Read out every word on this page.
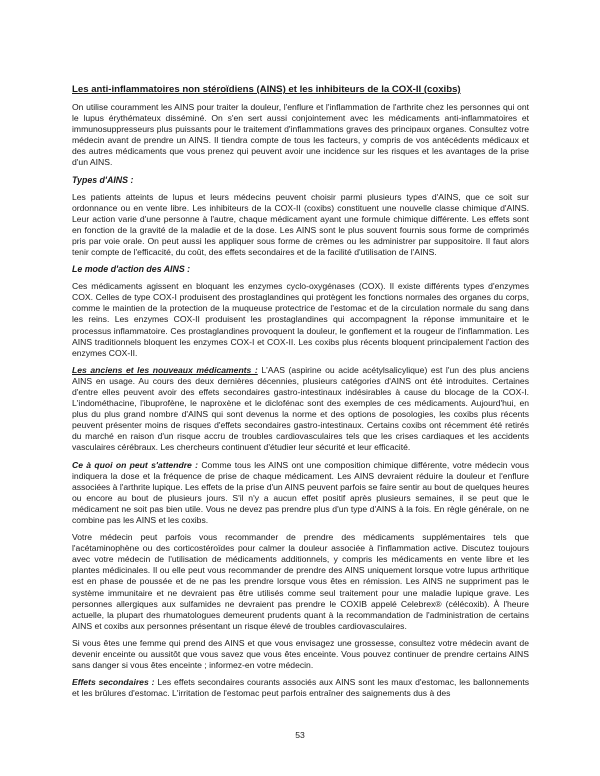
Les anti-inflammatoires non stéroïdiens (AINS) et les inhibiteurs de la COX-II (coxibs)

On utilise couramment les AINS pour traiter la douleur, l'enflure et l'inflammation de l'arthrite chez les personnes qui ont le lupus érythémateux disséminé. On s'en sert aussi conjointement avec les médicaments anti-inflammatoires et immunosuppresseurs plus puissants pour le traitement d'inflammations graves des principaux organes. Consultez votre médecin avant de prendre un AINS. Il tiendra compte de tous les facteurs, y compris de vos antécédents médicaux et des autres médicaments que vous prenez qui peuvent avoir une incidence sur les risques et les avantages de la prise d'un AINS.

Types d'AINS :

Les patients atteints de lupus et leurs médecins peuvent choisir parmi plusieurs types d'AINS, que ce soit sur ordonnance ou en vente libre. Les inhibiteurs de la COX-II (coxibs) constituent une nouvelle classe chimique d'AINS. Leur action varie d'une personne à l'autre, chaque médicament ayant une formule chimique différente. Les effets sont en fonction de la gravité de la maladie et de la dose. Les AINS sont le plus souvent fournis sous forme de comprimés pris par voie orale. On peut aussi les appliquer sous forme de crèmes ou les administrer par suppositoire. Il faut alors tenir compte de l'efficacité, du coût, des effets secondaires et de la facilité d'utilisation de l'AINS.

Le mode d'action des AINS :

Ces médicaments agissent en bloquant les enzymes cyclo-oxygénases (COX). Il existe différents types d'enzymes COX. Celles de type COX-I produisent des prostaglandines qui protègent les fonctions normales des organes du corps, comme le maintien de la protection de la muqueuse protectrice de l'estomac et de la circulation normale du sang dans les reins. Les enzymes COX-II produisent les prostaglandines qui accompagnent la réponse immunitaire et le processus inflammatoire. Ces prostaglandines provoquent la douleur, le gonflement et la rougeur de l'inflammation. Les AINS traditionnels bloquent les enzymes COX-I et COX-II. Les coxibs plus récents bloquent principalement l'action des enzymes COX-II.

Les anciens et les nouveaux médicaments : L'AAS (aspirine ou acide acétylsalicylique) est l'un des plus anciens AINS en usage. Au cours des deux dernières décennies, plusieurs catégories d'AINS ont été introduites. Certaines d'entre elles peuvent avoir des effets secondaires gastro-intestinaux indésirables à cause du blocage de la COX-I. L'indométhacine, l'ibuprofène, le naproxène et le diclofénac sont des exemples de ces médicaments. Aujourd'hui, en plus du plus grand nombre d'AINS qui sont devenus la norme et des options de posologies, les coxibs plus récents peuvent présenter moins de risques d'effets secondaires gastro-intestinaux. Certains coxibs ont récemment été retirés du marché en raison d'un risque accru de troubles cardiovasculaires tels que les crises cardiaques et les accidents vasculaires cérébraux. Les chercheurs continuent d'étudier leur sécurité et leur efficacité.

Ce à quoi on peut s'attendre : Comme tous les AINS ont une composition chimique différente, votre médecin vous indiquera la dose et la fréquence de prise de chaque médicament. Les AINS devraient réduire la douleur et l'enflure associées à l'arthrite lupique. Les effets de la prise d'un AINS peuvent parfois se faire sentir au bout de quelques heures ou encore au bout de plusieurs jours. S'il n'y a aucun effet positif après plusieurs semaines, il se peut que le médicament ne soit pas bien utile. Vous ne devez pas prendre plus d'un type d'AINS à la fois. En règle générale, on ne combine pas les AINS et les coxibs.

Votre médecin peut parfois vous recommander de prendre des médicaments supplémentaires tels que l'acétaminophène ou des corticostéroïdes pour calmer la douleur associée à l'inflammation active. Discutez toujours avec votre médecin de l'utilisation de médicaments additionnels, y compris les médicaments en vente libre et les plantes médicinales. Il ou elle peut vous recommander de prendre des AINS uniquement lorsque votre lupus arthritique est en phase de poussée et de ne pas les prendre lorsque vous êtes en rémission. Les AINS ne suppriment pas le système immunitaire et ne devraient pas être utilisés comme seul traitement pour une maladie lupique grave. Les personnes allergiques aux sulfamides ne devraient pas prendre le COXIB appelé Celebrex® (célécoxib). À l'heure actuelle, la plupart des rhumatologues demeurent prudents quant à la recommandation de l'administration de certains AINS et coxibs aux personnes présentant un risque élevé de troubles cardiovasculaires.

Si vous êtes une femme qui prend des AINS et que vous envisagez une grossesse, consultez votre médecin avant de devenir enceinte ou aussitôt que vous savez que vous êtes enceinte. Vous pouvez continuer de prendre certains AINS sans danger si vous êtes enceinte ; informez-en votre médecin.

Effets secondaires : Les effets secondaires courants associés aux AINS sont les maux d'estomac, les ballonnements et les brûlures d'estomac. L'irritation de l'estomac peut parfois entraîner des saignements dus à des

53
